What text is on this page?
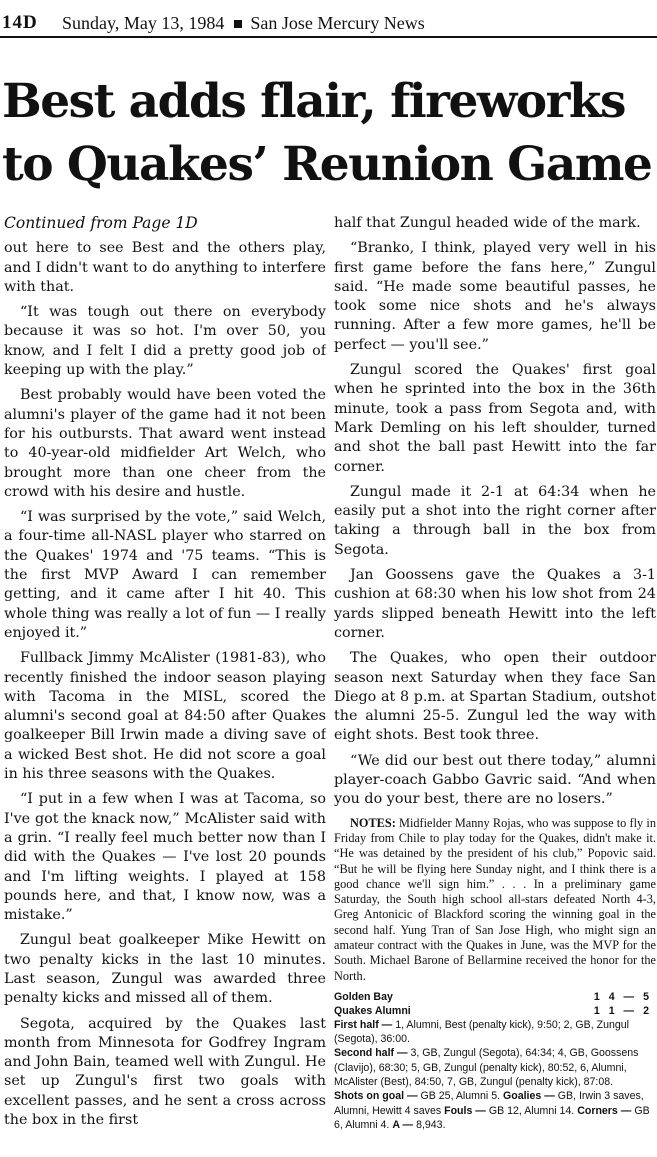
14D Sunday, May 13, 1984 San Jose Mercury News
Best adds flair, fireworks
to Quakes’ Reunion Game

Continued from Page 1D

out here to see Best and the others play, and I didn't want to do anything to interfere with that.

“It was tough out there on everybody because it was so hot. I'm over 50, you know, and I felt I did a pretty good job of keeping up with the play.”

Best probably would have been voted the alumni's player of the game had it not been for his outbursts. That award went instead to 40-year-old midfielder Art Welch, who brought more than one cheer from the crowd with his desire and hustle.

“I was surprised by the vote,” said Welch, a four-time all-NASL player who starred on the Quakes' 1974 and '75 teams. “This is the first MVP Award I can remember getting, and it came after I hit 40. This whole thing was really a lot of fun — I really enjoyed it.”

Fullback Jimmy McAlister (1981-83), who recently finished the indoor season playing with Tacoma in the MISL, scored the alumni's second goal at 84:50 after Quakes goalkeeper Bill Irwin made a diving save of a wicked Best shot. He did not score a goal in his three seasons with the Quakes.

“I put in a few when I was at Tacoma, so I've got the knack now,” McAlister said with a grin. “I really feel much better now than I did with the Quakes — I've lost 20 pounds and I'm lifting weights. I played at 158 pounds here, and that, I know now, was a mistake.”

Zungul beat goalkeeper Mike Hewitt on two penalty kicks in the last 10 minutes. Last season, Zungul was awarded three penalty kicks and missed all of them.

Segota, acquired by the Quakes last month from Minnesota for Godfrey Ingram and John Bain, teamed well with Zungul. He set up Zungul's first two goals with excellent passes, and he sent a cross across the box in the first

half that Zungul headed wide of the mark.

“Branko, I think, played very well in his first game before the fans here,” Zungul said. “He made some beautiful passes, he took some nice shots and he's always running. After a few more games, he'll be perfect — you'll see.”

Zungul scored the Quakes' first goal when he sprinted into the box in the 36th minute, took a pass from Segota and, with Mark Demling on his left shoulder, turned and shot the ball past Hewitt into the far corner.

Zungul made it 2-1 at 64:34 when he easily put a shot into the right corner after taking a through ball in the box from Segota.

Jan Goossens gave the Quakes a 3-1 cushion at 68:30 when his low shot from 24 yards slipped beneath Hewitt into the left corner.

The Quakes, who open their outdoor season next Saturday when they face San Diego at 8 p.m. at Spartan Stadium, outshot the alumni 25-5. Zungul led the way with eight shots. Best took three.

“We did our best out there today,” alumni player-coach Gabbo Gavric said. “And when you do your best, there are no losers.”

NOTES: Midfielder Manny Rojas, who was suppose to fly in Friday from Chile to play today for the Quakes, didn't make it. “He was detained by the president of his club,” Popovic said. “But he will be flying here Sunday night, and I think there is a good chance we'll sign him.” . . . In a preliminary game Saturday, the South high school all-stars defeated North 4-3, Greg Antonicic of Blackford scoring the winning goal in the second half. Yung Tran of San Jose High, who might sign an amateur contract with the Quakes in June, was the MVP for the South. Michael Barone of Bellarmine received the honor for the North.

Golden Bay	1 4 — 5
Quakes Alumni	1 1 — 2

First half — 1, Alumni, Best (penalty kick), 9:50; 2, GB, Zungul (Segota), 36:00.

Second half — 3, GB, Zungul (Segota), 64:34; 4, GB, Goossens (Clavijo), 68:30; 5, GB, Zungul (penalty kick), 80:52, 6, Alumni, McAlister (Best), 84:50, 7, GB, Zungul (penalty kick), 87:08.

Shots on goal — GB 25, Alumni 5. Goalies — GB, Irwin 3 saves, Alumni, Hewitt 4 saves Fouls — GB 12, Alumni 14. Corners — GB 6, Alumni 4. A — 8,943.
